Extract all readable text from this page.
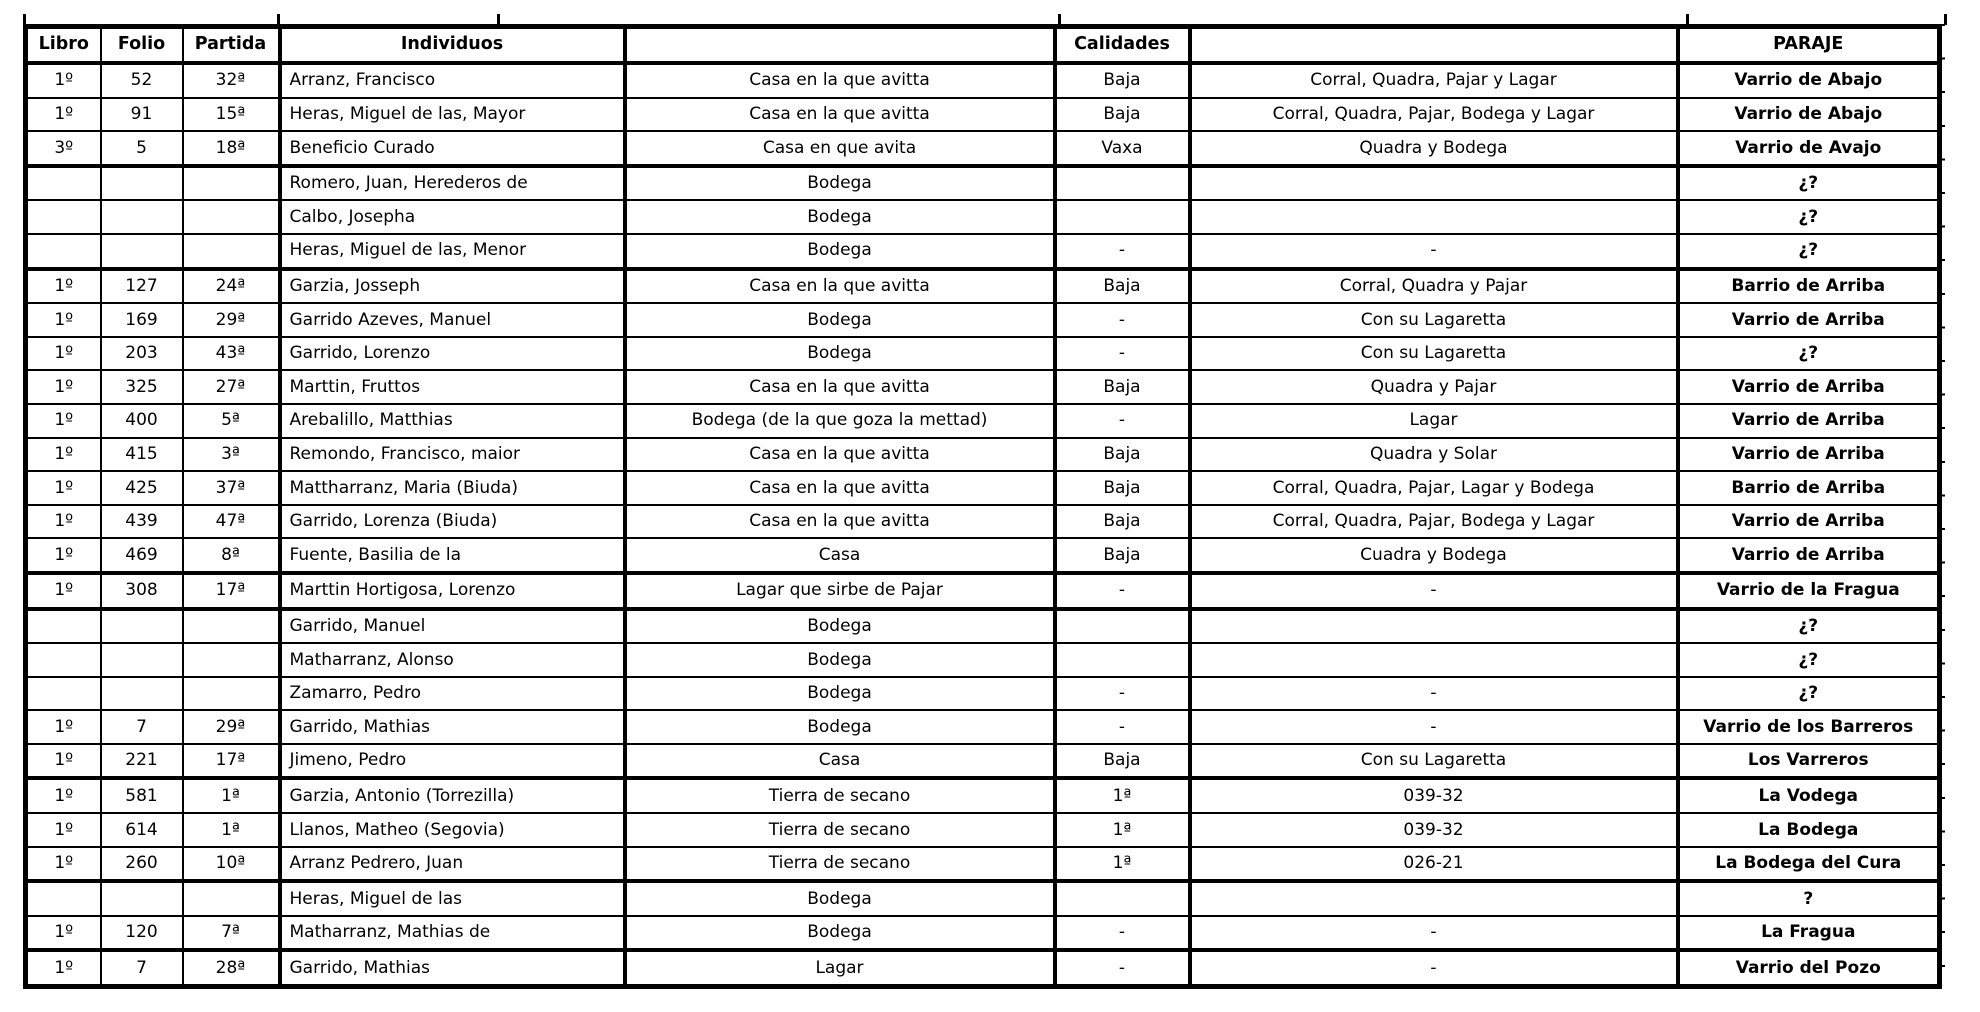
Libro	Folio	Partida	Individuos		Calidades		PARAJE
1º	52	32ª	Arranz, Francisco	Casa en la que avitta	Baja	Corral, Quadra, Pajar y Lagar	Varrio de Abajo
1º	91	15ª	Heras, Miguel de las, Mayor	Casa en la que avitta	Baja	Corral, Quadra, Pajar, Bodega y Lagar	Varrio de Abajo
3º	5	18ª	Beneficio Curado	Casa en que avita	Vaxa	Quadra y Bodega	Varrio de Avajo
			Romero, Juan, Herederos de	Bodega			¿?
			Calbo, Josepha	Bodega			¿?
			Heras, Miguel de las, Menor	Bodega	-	-	¿?
1º	127	24ª	Garzia, Josseph	Casa en la que avitta	Baja	Corral, Quadra y Pajar	Barrio de Arriba
1º	169	29ª	Garrido Azeves, Manuel	Bodega	-	Con su Lagaretta	Varrio de Arriba
1º	203	43ª	Garrido, Lorenzo	Bodega	-	Con su Lagaretta	¿?
1º	325	27ª	Marttin, Fruttos	Casa en la que avitta	Baja	Quadra y Pajar	Varrio de Arriba
1º	400	5ª	Arebalillo, Matthias	Bodega (de la que goza la mettad)	-	Lagar	Varrio de Arriba
1º	415	3ª	Remondo, Francisco, maior	Casa en la que avitta	Baja	Quadra y Solar	Varrio de Arriba
1º	425	37ª	Mattharranz, Maria (Biuda)	Casa en la que avitta	Baja	Corral, Quadra, Pajar, Lagar y Bodega	Barrio de Arriba
1º	439	47ª	Garrido, Lorenza (Biuda)	Casa en la que avitta	Baja	Corral, Quadra, Pajar, Bodega y Lagar	Varrio de Arriba
1º	469	8ª	Fuente, Basilia de la	Casa	Baja	Cuadra y Bodega	Varrio de Arriba
1º	308	17ª	Marttin Hortigosa, Lorenzo	Lagar que sirbe de Pajar	-	-	Varrio de la Fragua
			Garrido, Manuel	Bodega			¿?
			Matharranz, Alonso	Bodega			¿?
			Zamarro, Pedro	Bodega	-	-	¿?
1º	7	29ª	Garrido, Mathias	Bodega	-	-	Varrio de los Barreros
1º	221	17ª	Jimeno, Pedro	Casa	Baja	Con su Lagaretta	Los Varreros
1º	581	1ª	Garzia, Antonio (Torrezilla)	Tierra de secano	1ª	039-32	La Vodega
1º	614	1ª	Llanos, Matheo (Segovia)	Tierra de secano	1ª	039-32	La Bodega
1º	260	10ª	Arranz Pedrero, Juan	Tierra de secano	1ª	026-21	La Bodega del Cura
			Heras, Miguel de las	Bodega			?
1º	120	7ª	Matharranz, Mathias de	Bodega	-	-	La Fragua
1º	7	28ª	Garrido, Mathias	Lagar	-	-	Varrio del Pozo
